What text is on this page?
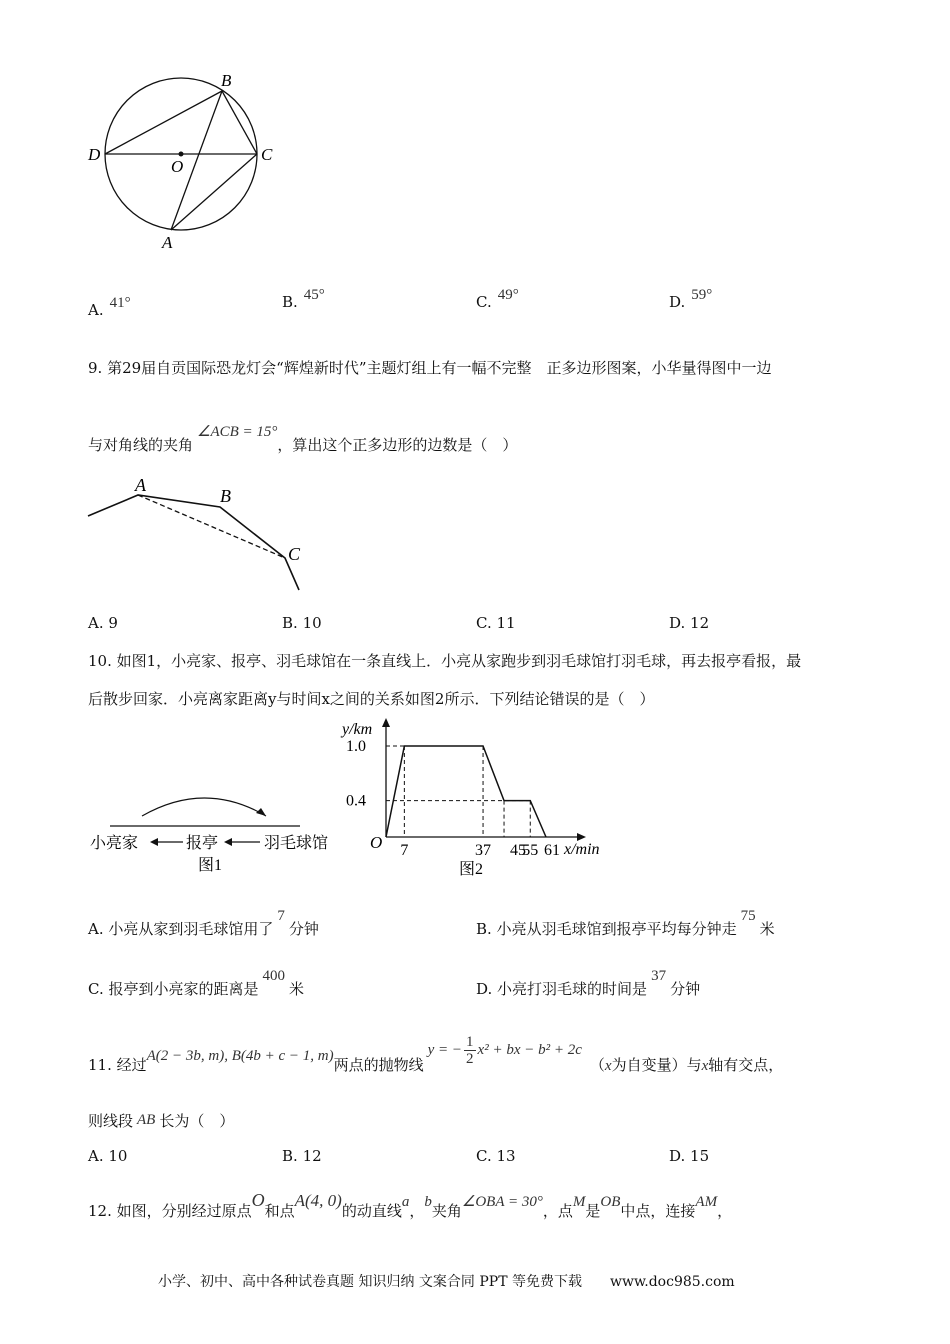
B
D
O
C
A
A. 41°	B. 45°	C. 49°	D. 59°
9. 第29届自贡国际恐龙灯会“辉煌新时代”主题灯组上有一幅不完整　正多边形图案，小华量得图中一边
与对角线的夹角∠ACB = 15°，算出这个正多边形的边数是（　）
A
B
C
A. 9	B. 10	C. 11	D. 12
10. 如图1，小亮家、报亭、羽毛球馆在一条直线上．小亮从家跑步到羽毛球馆打羽毛球，再去报亭看报，最
后散步回家．小亮离家距离y与时间x之间的关系如图2所示．下列结论错误的是（　）
小亮家	报亭	羽毛球馆
图1
y/km
x/min
O
1.0
0.4
7	37 45
55 61
图2
A. 小亮从家到羽毛球馆用了7分钟	B. 小亮从羽毛球馆到报亭平均每分钟走75米
C. 报亭到小亮家的距离是400米	D. 小亮打羽毛球的时间是37分钟
11. 经过A(2 − 3b, m), B(4b + c − 1, m)两点的抛物线y = − $\frac{1}{2} x^2$ + bx − b² + 2c（x为自变量）与x轴有交点，
则线段 AB 长为（　）
A. 10	B. 12	C. 13	D. 15
12. 如图，分别经过原点O和点A(4, 0)的动直线a，b夹角∠OBA = 30°，点M是OB中点，连接AM，
小学、初中、高中各种试卷真题 知识归纳 文案合同 PPT 等免费下载　　www.doc985.com
